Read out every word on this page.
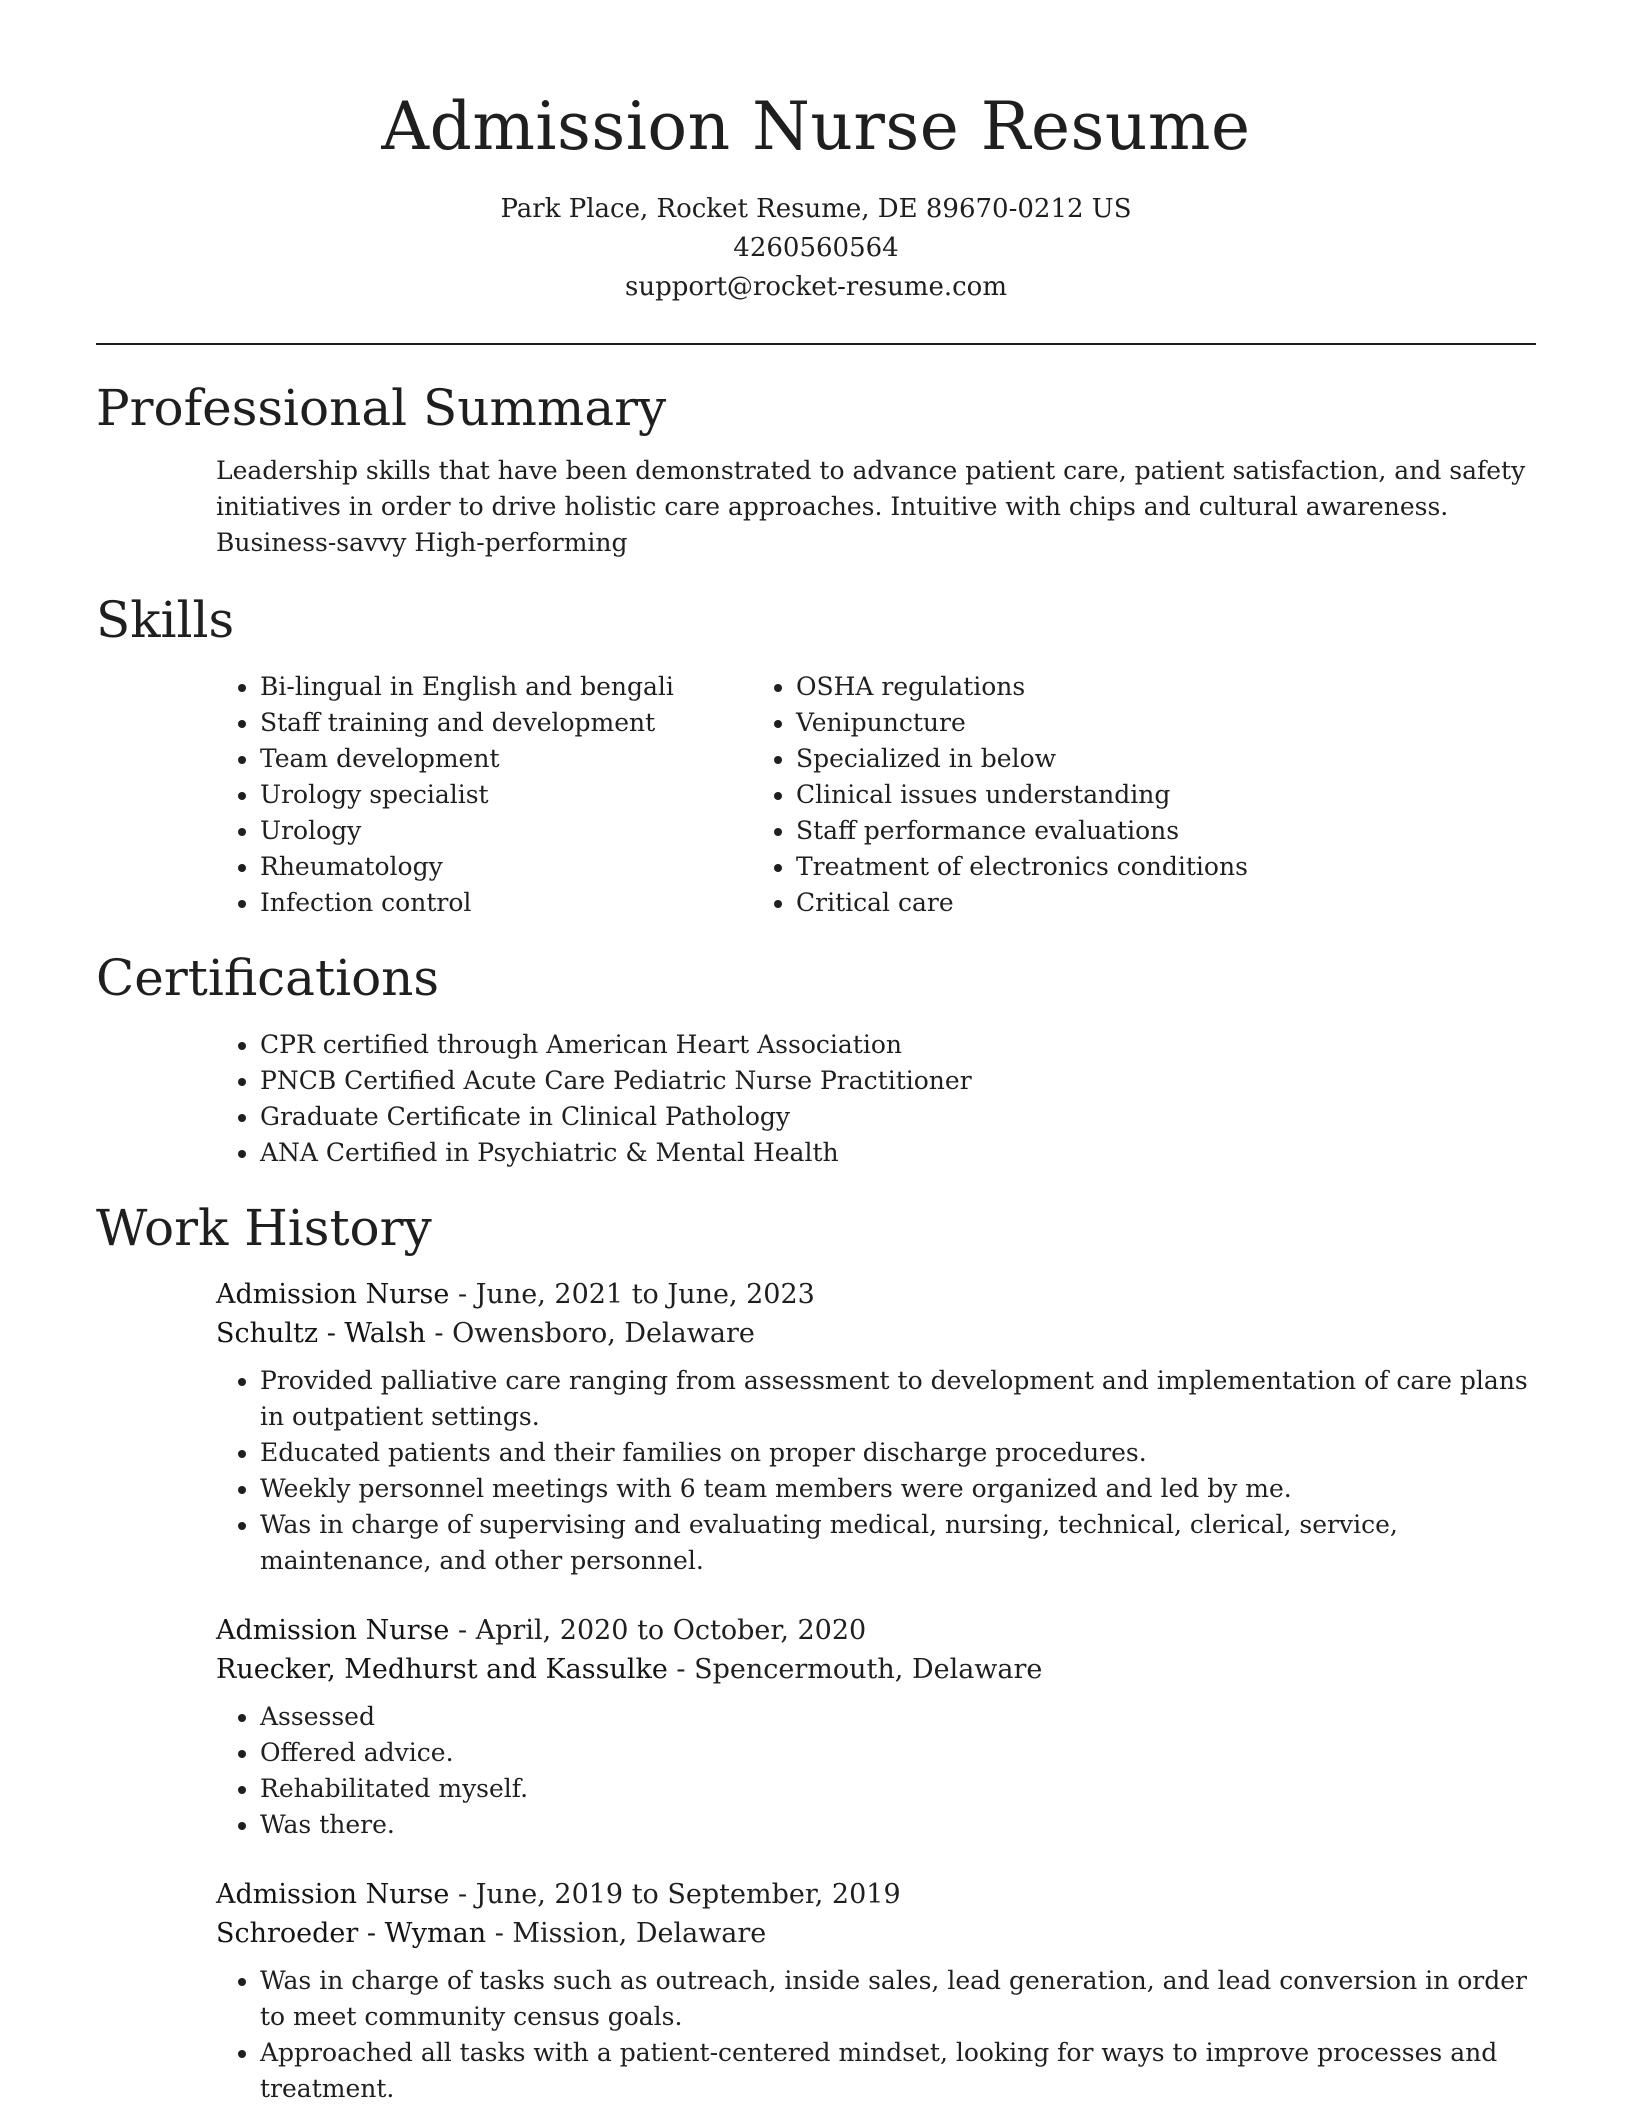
Admission Nurse Resume
Park Place, Rocket Resume, DE 89670-0212 US
4260560564
support@rocket-resume.com
Professional Summary

Leadership skills that have been demonstrated to advance patient care, patient satisfaction, and safety initiatives in order to drive holistic care approaches. Intuitive with chips and cultural awareness. Business-savvy High-performing

Skills
• Bi-lingual in English and bengali
• Staff training and development
• Team development
• Urology specialist
• Urology
• Rheumatology
• Infection control
• OSHA regulations
• Venipuncture
• Specialized in below
• Clinical issues understanding
• Staff performance evaluations
• Treatment of electronics conditions
• Critical care
Certifications
• CPR certified through American Heart Association
• PNCB Certified Acute Care Pediatric Nurse Practitioner
• Graduate Certificate in Clinical Pathology
• ANA Certified in Psychiatric & Mental Health
Work History
Admission Nurse - June, 2021 to June, 2023
Schultz - Walsh - Owensboro, Delaware
• Provided palliative care ranging from assessment to development and implementation of care plans in outpatient settings.
• Educated patients and their families on proper discharge procedures.
• Weekly personnel meetings with 6 team members were organized and led by me.
• Was in charge of supervising and evaluating medical, nursing, technical, clerical, service, maintenance, and other personnel.
Admission Nurse - April, 2020 to October, 2020
Ruecker, Medhurst and Kassulke - Spencermouth, Delaware
• Assessed
• Offered advice.
• Rehabilitated myself.
• Was there.
Admission Nurse - June, 2019 to September, 2019
Schroeder - Wyman - Mission, Delaware
• Was in charge of tasks such as outreach, inside sales, lead generation, and lead conversion in order to meet community census goals.
• Approached all tasks with a patient-centered mindset, looking for ways to improve processes and treatment.
